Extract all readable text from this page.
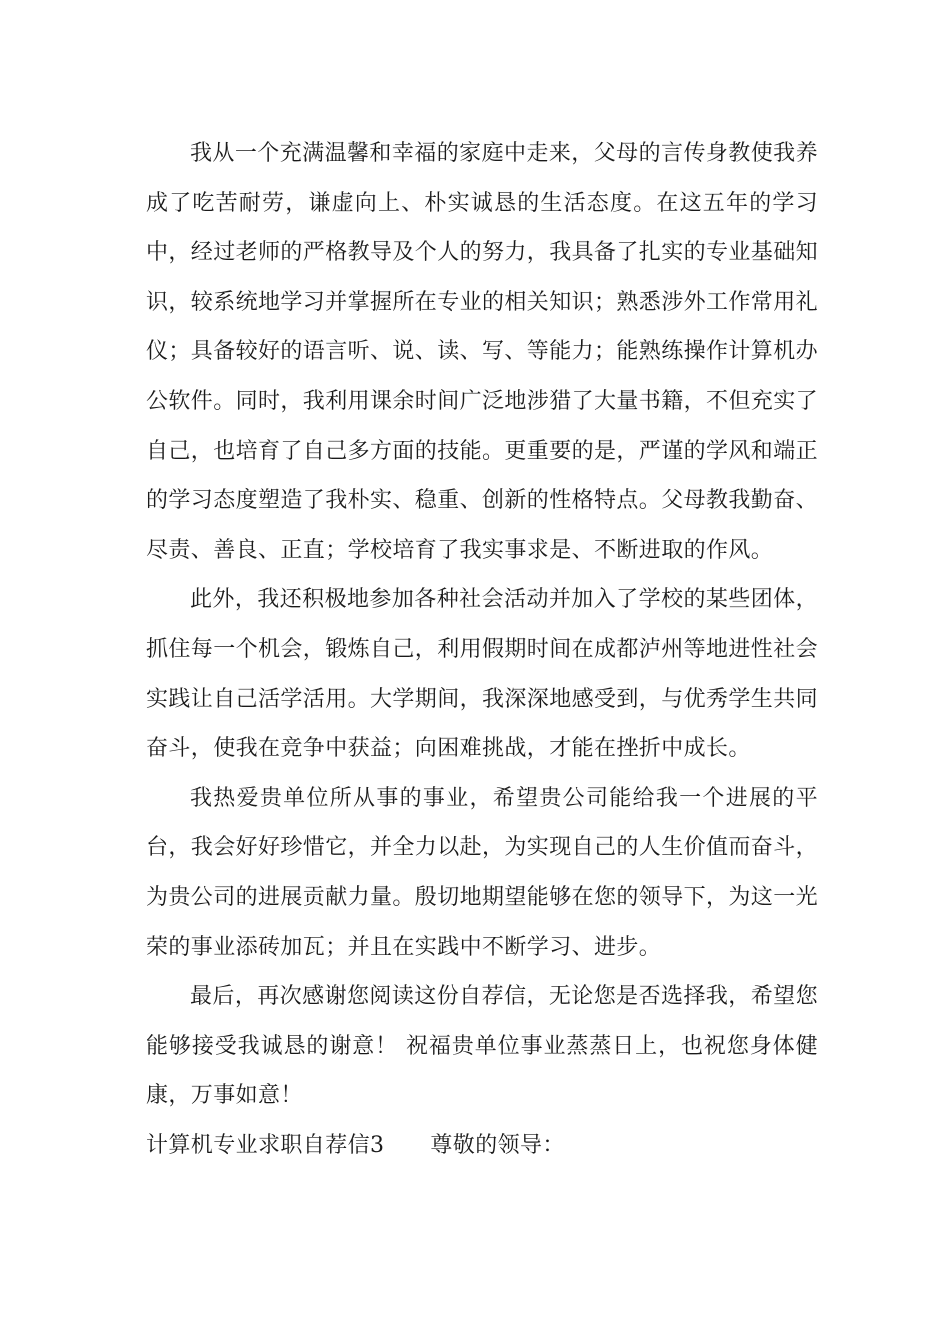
我从一个充满温馨和幸福的家庭中走来，父母的言传身教使我养成了吃苦耐劳，谦虚向上、朴实诚恳的生活态度。在这五年的学习中，经过老师的严格教导及个人的努力，我具备了扎实的专业基础知识，较系统地学习并掌握所在专业的相关知识；熟悉涉外工作常用礼仪；具备较好的语言听、说、读、写、等能力；能熟练操作计算机办公软件。同时，我利用课余时间广泛地涉猎了大量书籍，不但充实了自己，也培育了自己多方面的技能。更重要的是，严谨的学风和端正的学习态度塑造了我朴实、稳重、创新的性格特点。父母教我勤奋、尽责、善良、正直；学校培育了我实事求是、不断进取的作风。

此外，我还积极地参加各种社会活动并加入了学校的某些团体，抓住每一个机会，锻炼自己，利用假期时间在成都泸州等地进性社会实践让自己活学活用。大学期间，我深深地感受到，与优秀学生共同奋斗，使我在竞争中获益；向困难挑战，才能在挫折中成长。

我热爱贵单位所从事的事业，希望贵公司能给我一个进展的平台，我会好好珍惜它，并全力以赴，为实现自己的人生价值而奋斗，为贵公司的进展贡献力量。殷切地期望能够在您的领导下，为这一光荣的事业添砖加瓦；并且在实践中不断学习、进步。

最后，再次感谢您阅读这份自荐信，无论您是否选择我，希望您能够接受我诚恳的谢意！ 祝福贵单位事业蒸蒸日上，也祝您身体健康，万事如意！

计算机专业求职自荐信3 尊敬的领导：
